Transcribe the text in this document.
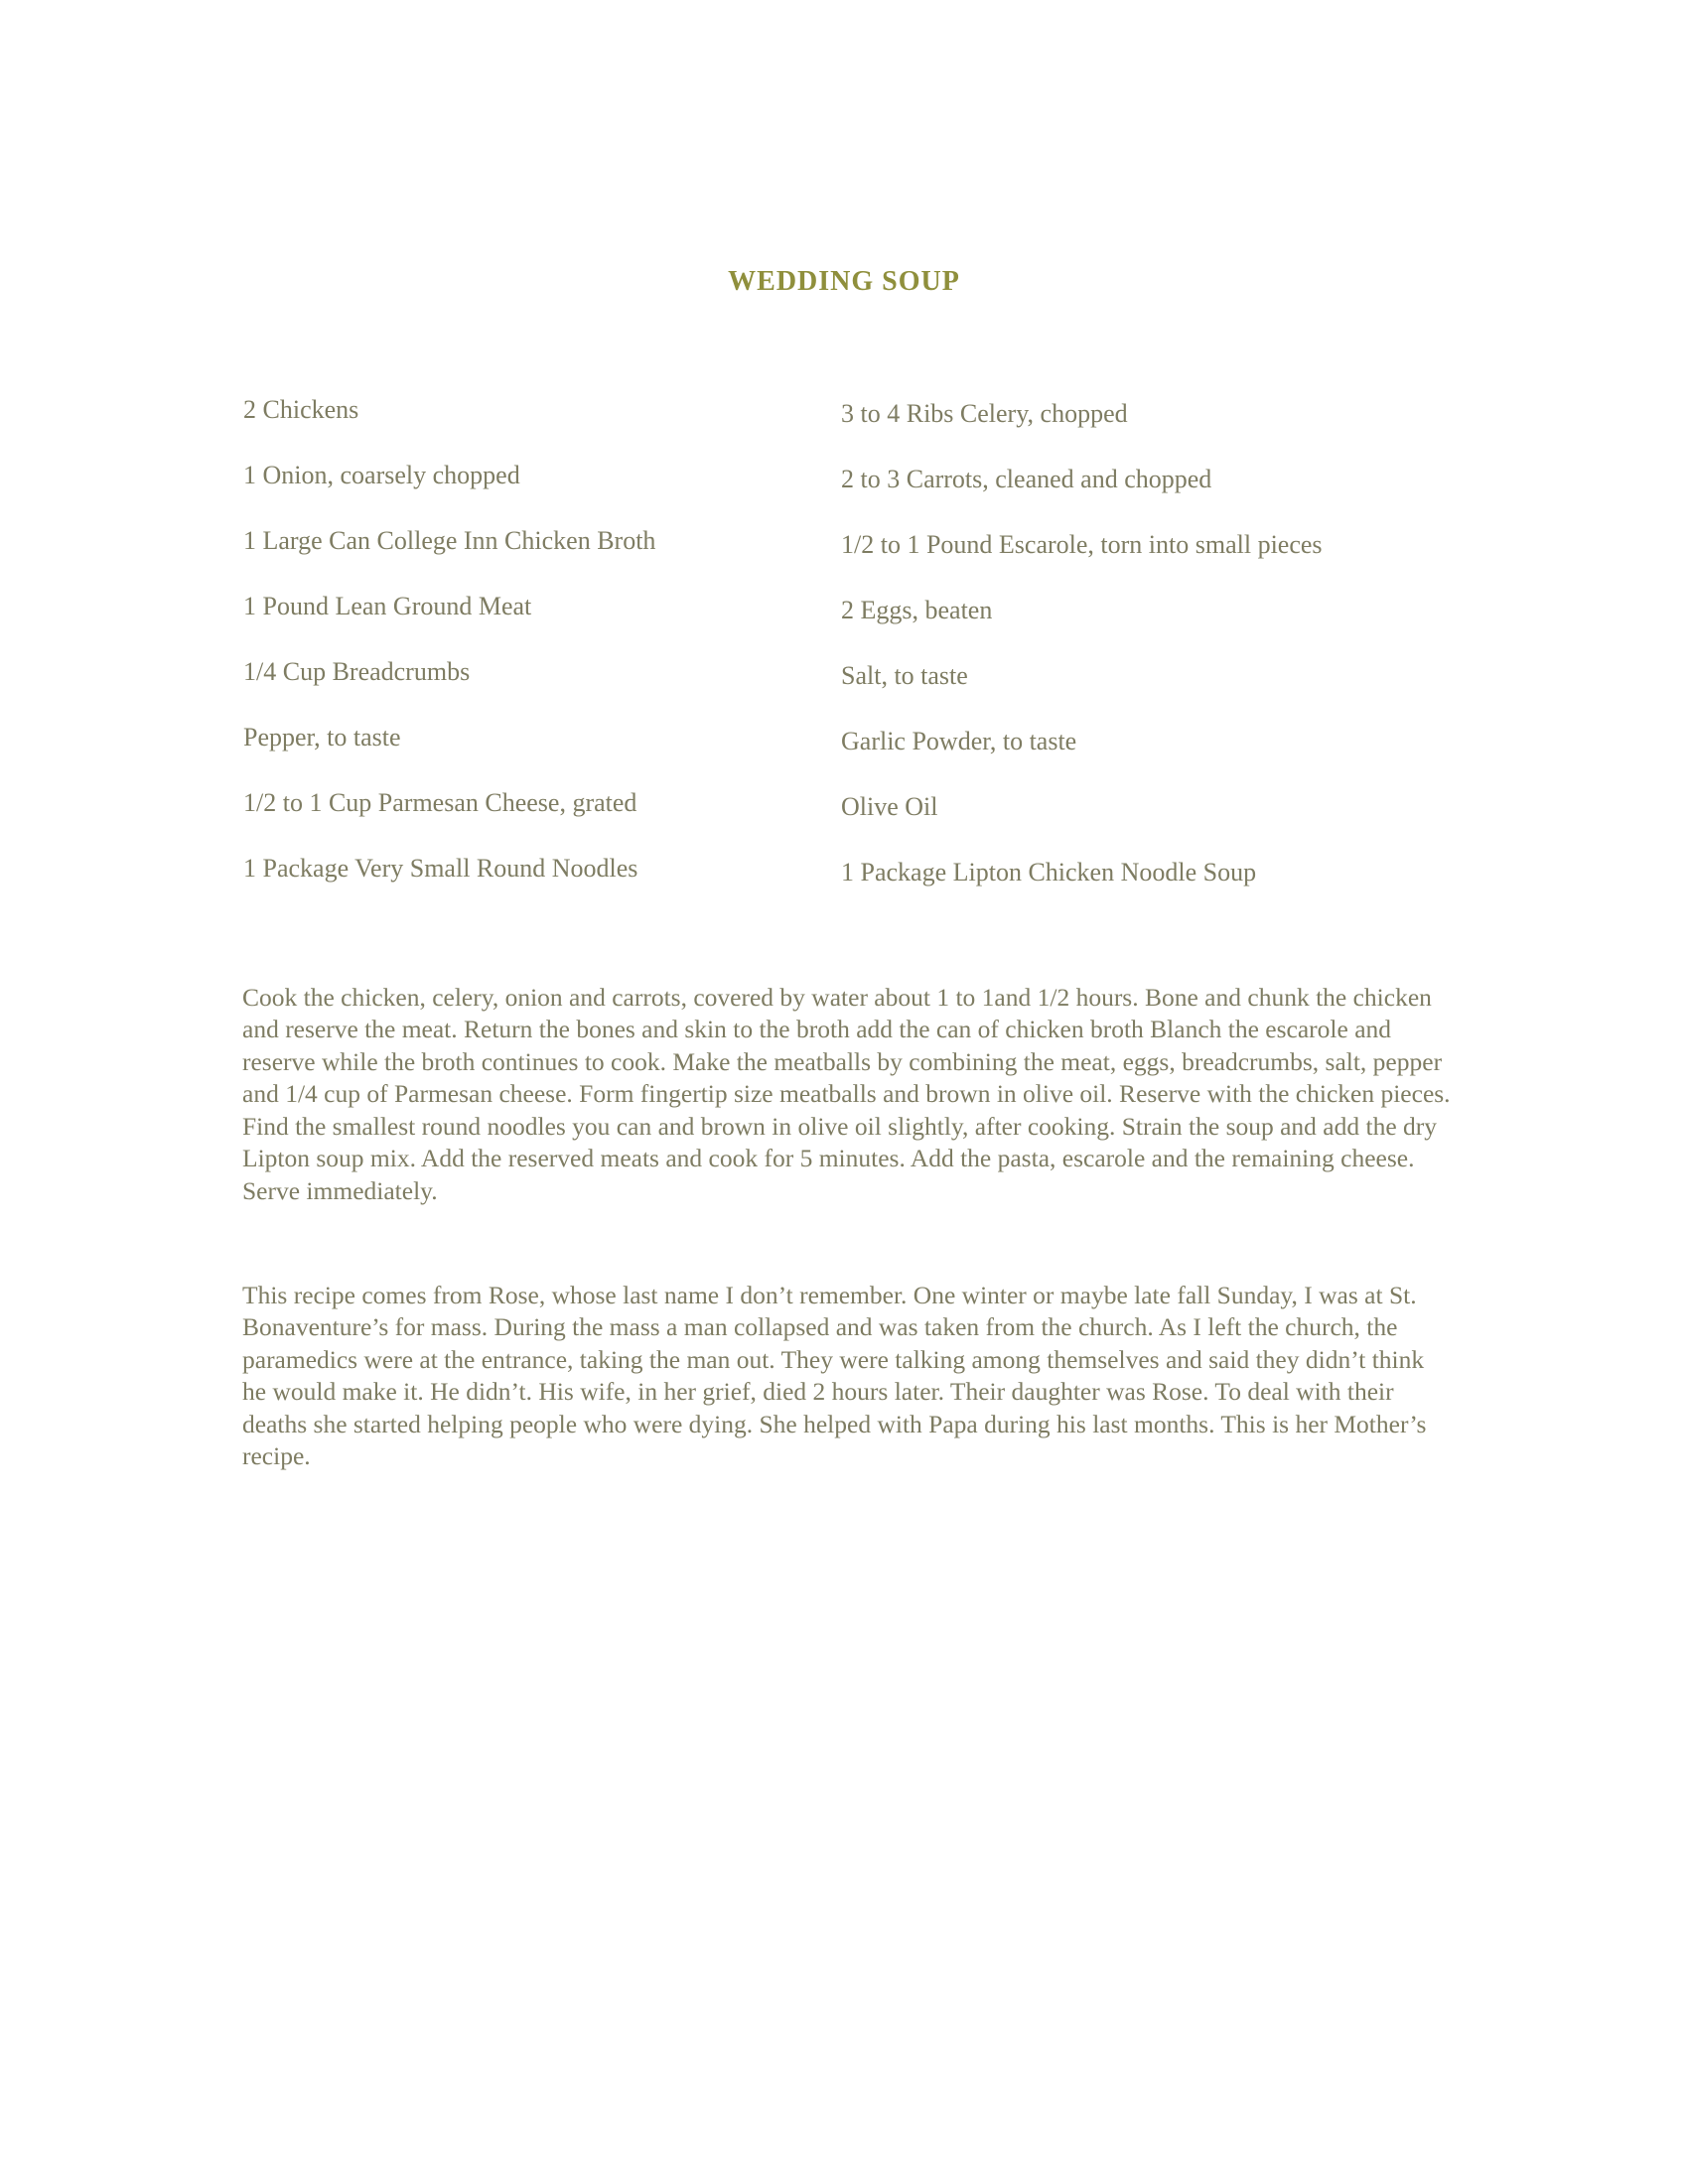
WEDDING SOUP
2 Chickens
1 Onion, coarsely chopped
1 Large Can College Inn Chicken Broth
1 Pound Lean Ground Meat
1/4 Cup Breadcrumbs
Pepper, to taste
1/2 to 1 Cup Parmesan Cheese, grated
1 Package Very Small Round Noodles
3 to 4 Ribs Celery, chopped
2 to 3 Carrots, cleaned and chopped
1/2 to 1 Pound Escarole, torn into small pieces
2 Eggs, beaten
Salt, to taste
Garlic Powder, to taste
Olive Oil
1 Package Lipton Chicken Noodle Soup

Cook the chicken, celery, onion and carrots, covered by water about 1 to 1and 1/2 hours. Bone and chunk the chicken and reserve the meat. Return the bones and skin to the broth add the can of chicken broth Blanch the escarole and reserve while the broth continues to cook. Make the meatballs by combining the meat, eggs, breadcrumbs, salt, pepper and 1/4 cup of Parmesan cheese. Form fingertip size meatballs and brown in olive oil. Reserve with the chicken pieces. Find the smallest round noodles you can and brown in olive oil slightly, after cooking. Strain the soup and add the dry Lipton soup mix. Add the reserved meats and cook for 5 minutes. Add the pasta, escarole and the remaining cheese. Serve immediately.

This recipe comes from Rose, whose last name I don’t remember. One winter or maybe late fall Sunday, I was at St. Bonaventure’s for mass. During the mass a man collapsed and was taken from the church. As I left the church, the paramedics were at the entrance, taking the man out. They were talking among themselves and said they didn’t think he would make it. He didn’t. His wife, in her grief, died 2 hours later. Their daughter was Rose. To deal with their deaths she started helping people who were dying. She helped with Papa during his last months. This is her Mother’s recipe.
